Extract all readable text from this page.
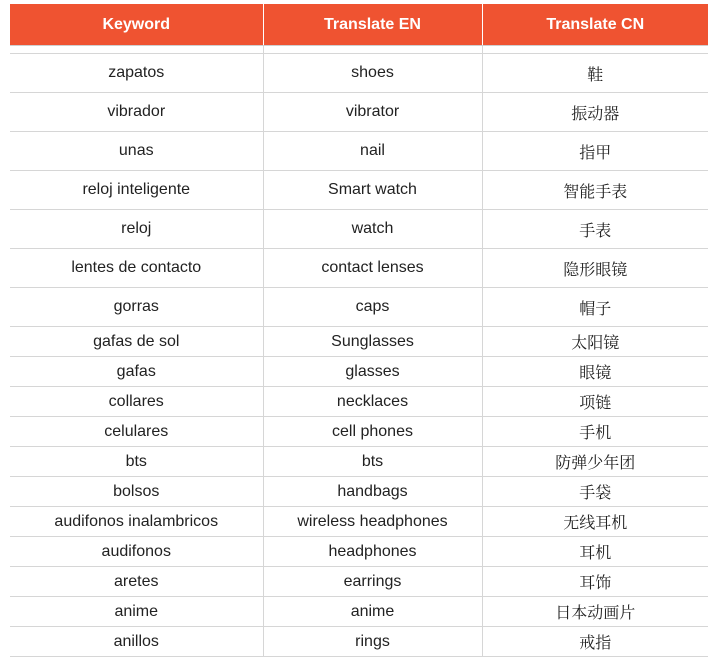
Keyword	Translate EN	Translate CN

zapatos	shoes	鞋
vibrador	vibrator	振动器
unas	nail	指甲
reloj inteligente	Smart watch	智能手表
reloj	watch	手表
lentes de contacto	contact lenses	隐形眼镜
gorras	caps	帽子
gafas de sol	Sunglasses	太阳镜
gafas	glasses	眼镜
collares	necklaces	项链
celulares	cell phones	手机
bts	bts	防弹少年团
bolsos	handbags	手袋
audifonos inalambricos	wireless headphones	无线耳机
audifonos	headphones	耳机
aretes	earrings	耳饰
anime	anime	日本动画片
anillos	rings	戒指
